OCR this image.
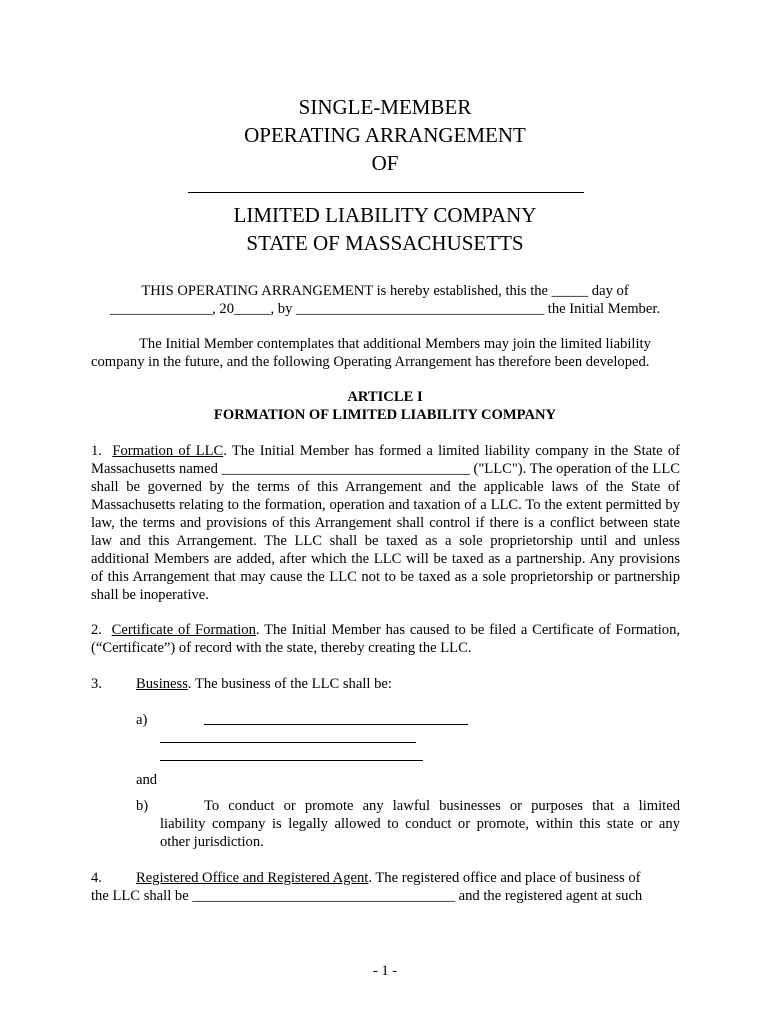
SINGLE-MEMBER
OPERATING ARRANGEMENT
OF
LIMITED LIABILITY COMPANY
STATE OF MASSACHUSETTS
THIS OPERATING ARRANGEMENT is hereby established, this the _____ day of
______________, 20_____, by __________________________________ the Initial Member.
The Initial Member contemplates that additional Members may join the limited liability
company in the future, and the following Operating Arrangement has therefore been developed.
ARTICLE I
FORMATION OF LIMITED LIABILITY COMPANY
1. Formation of LLC. The Initial Member has formed a limited liability company in the State of Massachusetts named __________________________________ ("LLC"). The operation of the LLC shall be governed by the terms of this Arrangement and the applicable laws of the State of Massachusetts relating to the formation, operation and taxation of a LLC. To the extent permitted by law, the terms and provisions of this Arrangement shall control if there is a conflict between state law and this Arrangement. The LLC shall be taxed as a sole proprietorship until and unless additional Members are added, after which the LLC will be taxed as a partnership. Any provisions of this Arrangement that may cause the LLC not to be taxed as a sole proprietorship or partnership shall be inoperative.
2. Certificate of Formation. The Initial Member has caused to be filed a Certificate of Formation, (“Certificate”) of record with the state, thereby creating the LLC.
3. Business. The business of the LLC shall be:
a)
and
b)	To conduct or promote any lawful businesses or purposes that a limited
liability company is legally allowed to conduct or promote, within this state or any
other jurisdiction.
4. Registered Office and Registered Agent. The registered office and place of business of
the LLC shall be ____________________________________ and the registered agent at such
- 1 -
